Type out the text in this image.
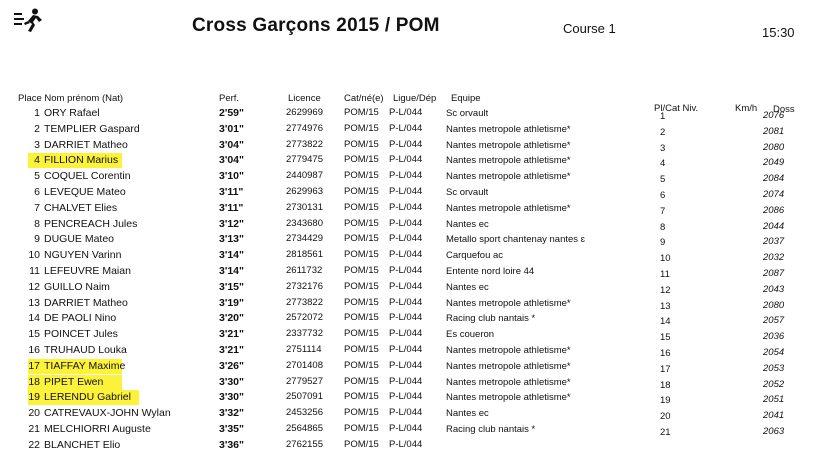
Cross Garçons 2015 / POM	Course 1	15:30
Place Nom prénom (Nat)	Perf.	Licence Cat/né(e) Ligue/Dép Equipe
Pl/Cat Niv.	Km/h Doss
1 ORY Rafael	2'59"	2629969 POM/15 P-L/044 Sc orvault	1	2076
2 TEMPLIER Gaspard	3'01"	2774976 POM/15 P-L/044 Nantes metropole athletisme*	2	2081
3 DARRIET Matheo	3'04"	2773822 POM/15 P-L/044 Nantes metropole athletisme*	3	2080
4 FILLION Marius	3'04"	2779475 POM/15 P-L/044 Nantes metropole athletisme*	4	2049
5 COQUEL Corentin	3'10"	2440987 POM/15 P-L/044 Nantes metropole athletisme*	5	2084
6 LEVEQUE Mateo	3'11"	2629963 POM/15 P-L/044 Sc orvault	6	2074
7 CHALVET Elies	3'11"	2730131 POM/15 P-L/044 Nantes metropole athletisme*	7	2086
8 PENCREACH Jules	3'12"	2343680 POM/15 P-L/044 Nantes ec	8	2044
9 DUGUE Mateo	3'13"	2734429 POM/15 P-L/044 Metallo sport chantenay nantes ɛ	9	2037
10 NGUYEN Varinn	3'14"	2818561 POM/15 P-L/044 Carquefou ac	10	2032
11 LEFEUVRE Maian	3'14"	2611732 POM/15 P-L/044 Entente nord loire 44	11	2087
12 GUILLO Naim	3'15"	2732176 POM/15 P-L/044 Nantes ec	12	2043
13 DARRIET Matheo	3'19"	2773822 POM/15 P-L/044 Nantes metropole athletisme*	13	2080
14 DE PAOLI Nino	3'20"	2572072 POM/15 P-L/044 Racing club nantais *	14	2057
15 POINCET Jules	3'21"	2337732 POM/15 P-L/044 Es coueron	15	2036
16 TRUHAUD Louka	3'21"	2751114 POM/15 P-L/044 Nantes metropole athletisme*	16	2054
17 TIAFFAY Maxime	3'26"	2701408 POM/15 P-L/044 Nantes metropole athletisme*	17	2053
18 PIPET Ewen	3'30"	2779527 POM/15 P-L/044 Nantes metropole athletisme*	18	2052
19 LERENDU Gabriel	3'30"	2507091 POM/15 P-L/044 Nantes metropole athletisme*	19	2051
20 CATREVAUX-JOHN Wylan	3'32"	2453256 POM/15 P-L/044 Nantes ec	20	2041
21 MELCHIORRI Auguste	3'35"	2564865 POM/15 P-L/044 Racing club nantais *	21	2063
22 BLANCHET Elio	3'36"	2762155 POM/15 P-L/044
